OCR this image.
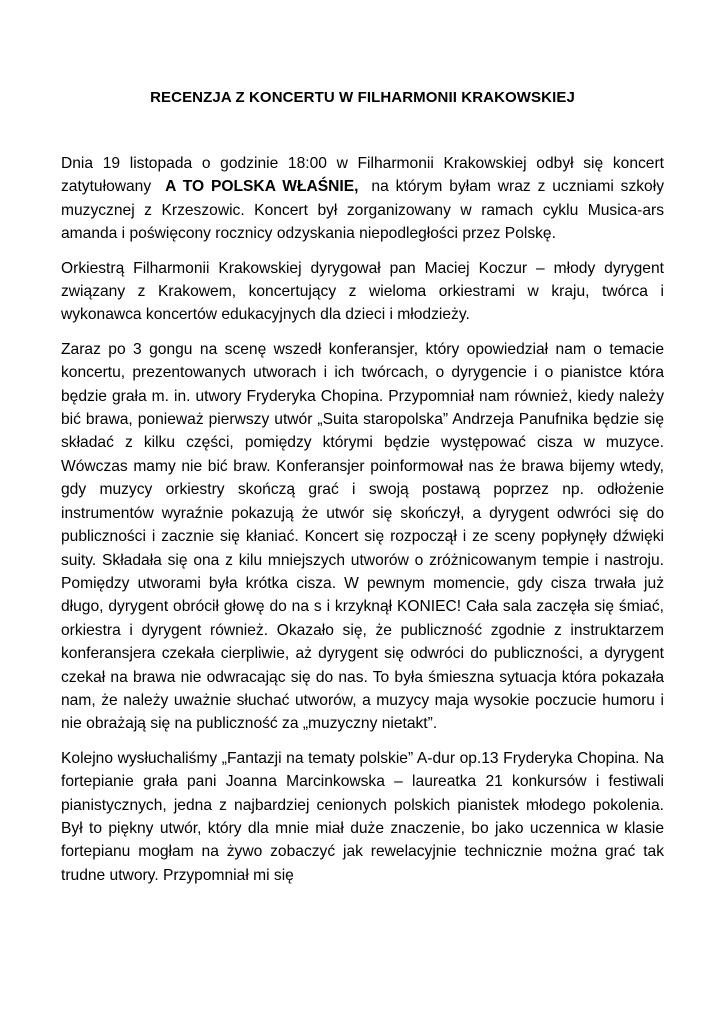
RECENZJA Z KONCERTU W FILHARMONII KRAKOWSKIEJ

Dnia 19 listopada o godzinie 18:00 w Filharmonii Krakowskiej odbył się koncert zatytułowany A TO POLSKA WŁAŚNIE, na którym byłam wraz z uczniami szkoły muzycznej z Krzeszowic. Koncert był zorganizowany w ramach cyklu Musica-ars amanda i poświęcony rocznicy odzyskania niepodległości przez Polskę.

Orkiestrą Filharmonii Krakowskiej dyrygował pan Maciej Koczur – młody dyrygent związany z Krakowem, koncertujący z wieloma orkiestrami w kraju, twórca i wykonawca koncertów edukacyjnych dla dzieci i młodzieży.

Zaraz po 3 gongu na scenę wszedł konferansjer, który opowiedział nam o temacie koncertu, prezentowanych utworach i ich twórcach, o dyrygencie i o pianistce która będzie grała m. in. utwory Fryderyka Chopina. Przypomniał nam również, kiedy należy bić brawa, ponieważ pierwszy utwór „Suita staropolska” Andrzeja Panufnika będzie się składać z kilku części, pomiędzy którymi będzie występować cisza w muzyce. Wówczas mamy nie bić braw. Konferansjer poinformował nas że brawa bijemy wtedy, gdy muzycy orkiestry skończą grać i swoją postawą poprzez np. odłożenie instrumentów wyraźnie pokazują że utwór się skończył, a dyrygent odwróci się do publiczności i zacznie się kłaniać. Koncert się rozpoczął i ze sceny popłynęły dźwięki suity. Składała się ona z kilu mniejszych utworów o zróżnicowanym tempie i nastroju. Pomiędzy utworami była krótka cisza. W pewnym momencie, gdy cisza trwała już długo, dyrygent obrócił głowę do na s i krzyknął KONIEC! Cała sala zaczęła się śmiać, orkiestra i dyrygent również. Okazało się, że publiczność zgodnie z instruktarzem konferansjera czekała cierpliwie, aż dyrygent się odwróci do publiczności, a dyrygent czekał na brawa nie odwracając się do nas. To była śmieszna sytuacja która pokazała nam, że należy uważnie słuchać utworów, a muzycy maja wysokie poczucie humoru i nie obrażają się na publiczność za „muzyczny nietakt”.

Kolejno wysłuchaliśmy „Fantazji na tematy polskie” A-dur op.13 Fryderyka Chopina. Na fortepianie grała pani Joanna Marcinkowska – laureatka 21 konkursów i festiwali pianistycznych, jedna z najbardziej cenionych polskich pianistek młodego pokolenia. Był to piękny utwór, który dla mnie miał duże znaczenie, bo jako uczennica w klasie fortepianu mogłam na żywo zobaczyć jak rewelacyjnie technicznie można grać tak trudne utwory. Przypomniał mi się
